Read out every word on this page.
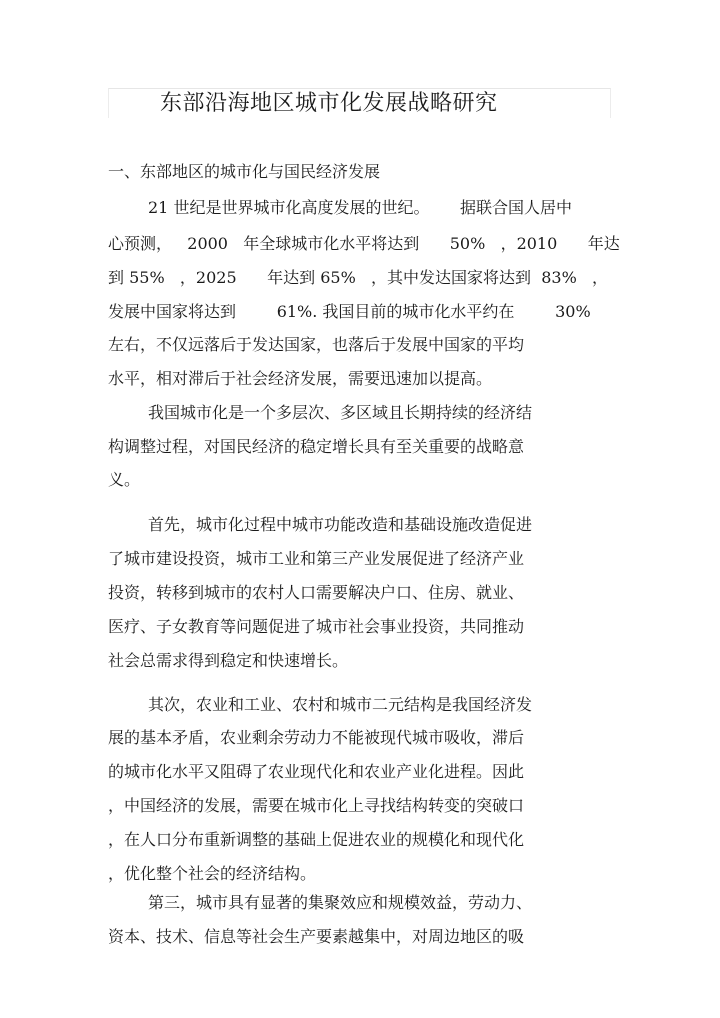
东部沿海地区城市化发展战略研究
一、东部地区的城市化与国民经济发展

21 世纪是世界城市化高度发展的世纪。      据联合国人居中

心预测，   2000   年全球城市化水平将达到      50%   ，2010      年达

到 55%   ，2025      年达到 65%   ，其中发达国家将达到  83%   ，

发展中国家将达到        61%. 我国目前的城市化水平约在        30%

左右，不仅远落后于发达国家，也落后于发展中国家的平均

水平，相对滞后于社会经济发展，需要迅速加以提高。

我国城市化是一个多层次、多区域且长期持续的经济结

构调整过程，对国民经济的稳定增长具有至关重要的战略意

义。

首先，城市化过程中城市功能改造和基础设施改造促进

了城市建设投资，城市工业和第三产业发展促进了经济产业

投资，转移到城市的农村人口需要解决户口、住房、就业、

医疗、子女教育等问题促进了城市社会事业投资，共同推动

社会总需求得到稳定和快速增长。

其次，农业和工业、农村和城市二元结构是我国经济发

展的基本矛盾，农业剩余劳动力不能被现代城市吸收，滞后

的城市化水平又阻碍了农业现代化和农业产业化进程。因此

，中国经济的发展，需要在城市化上寻找结构转变的突破口

，在人口分布重新调整的基础上促进农业的规模化和现代化

，优化整个社会的经济结构。

第三，城市具有显著的集聚效应和规模效益，劳动力、

资本、技术、信息等社会生产要素越集中，对周边地区的吸
